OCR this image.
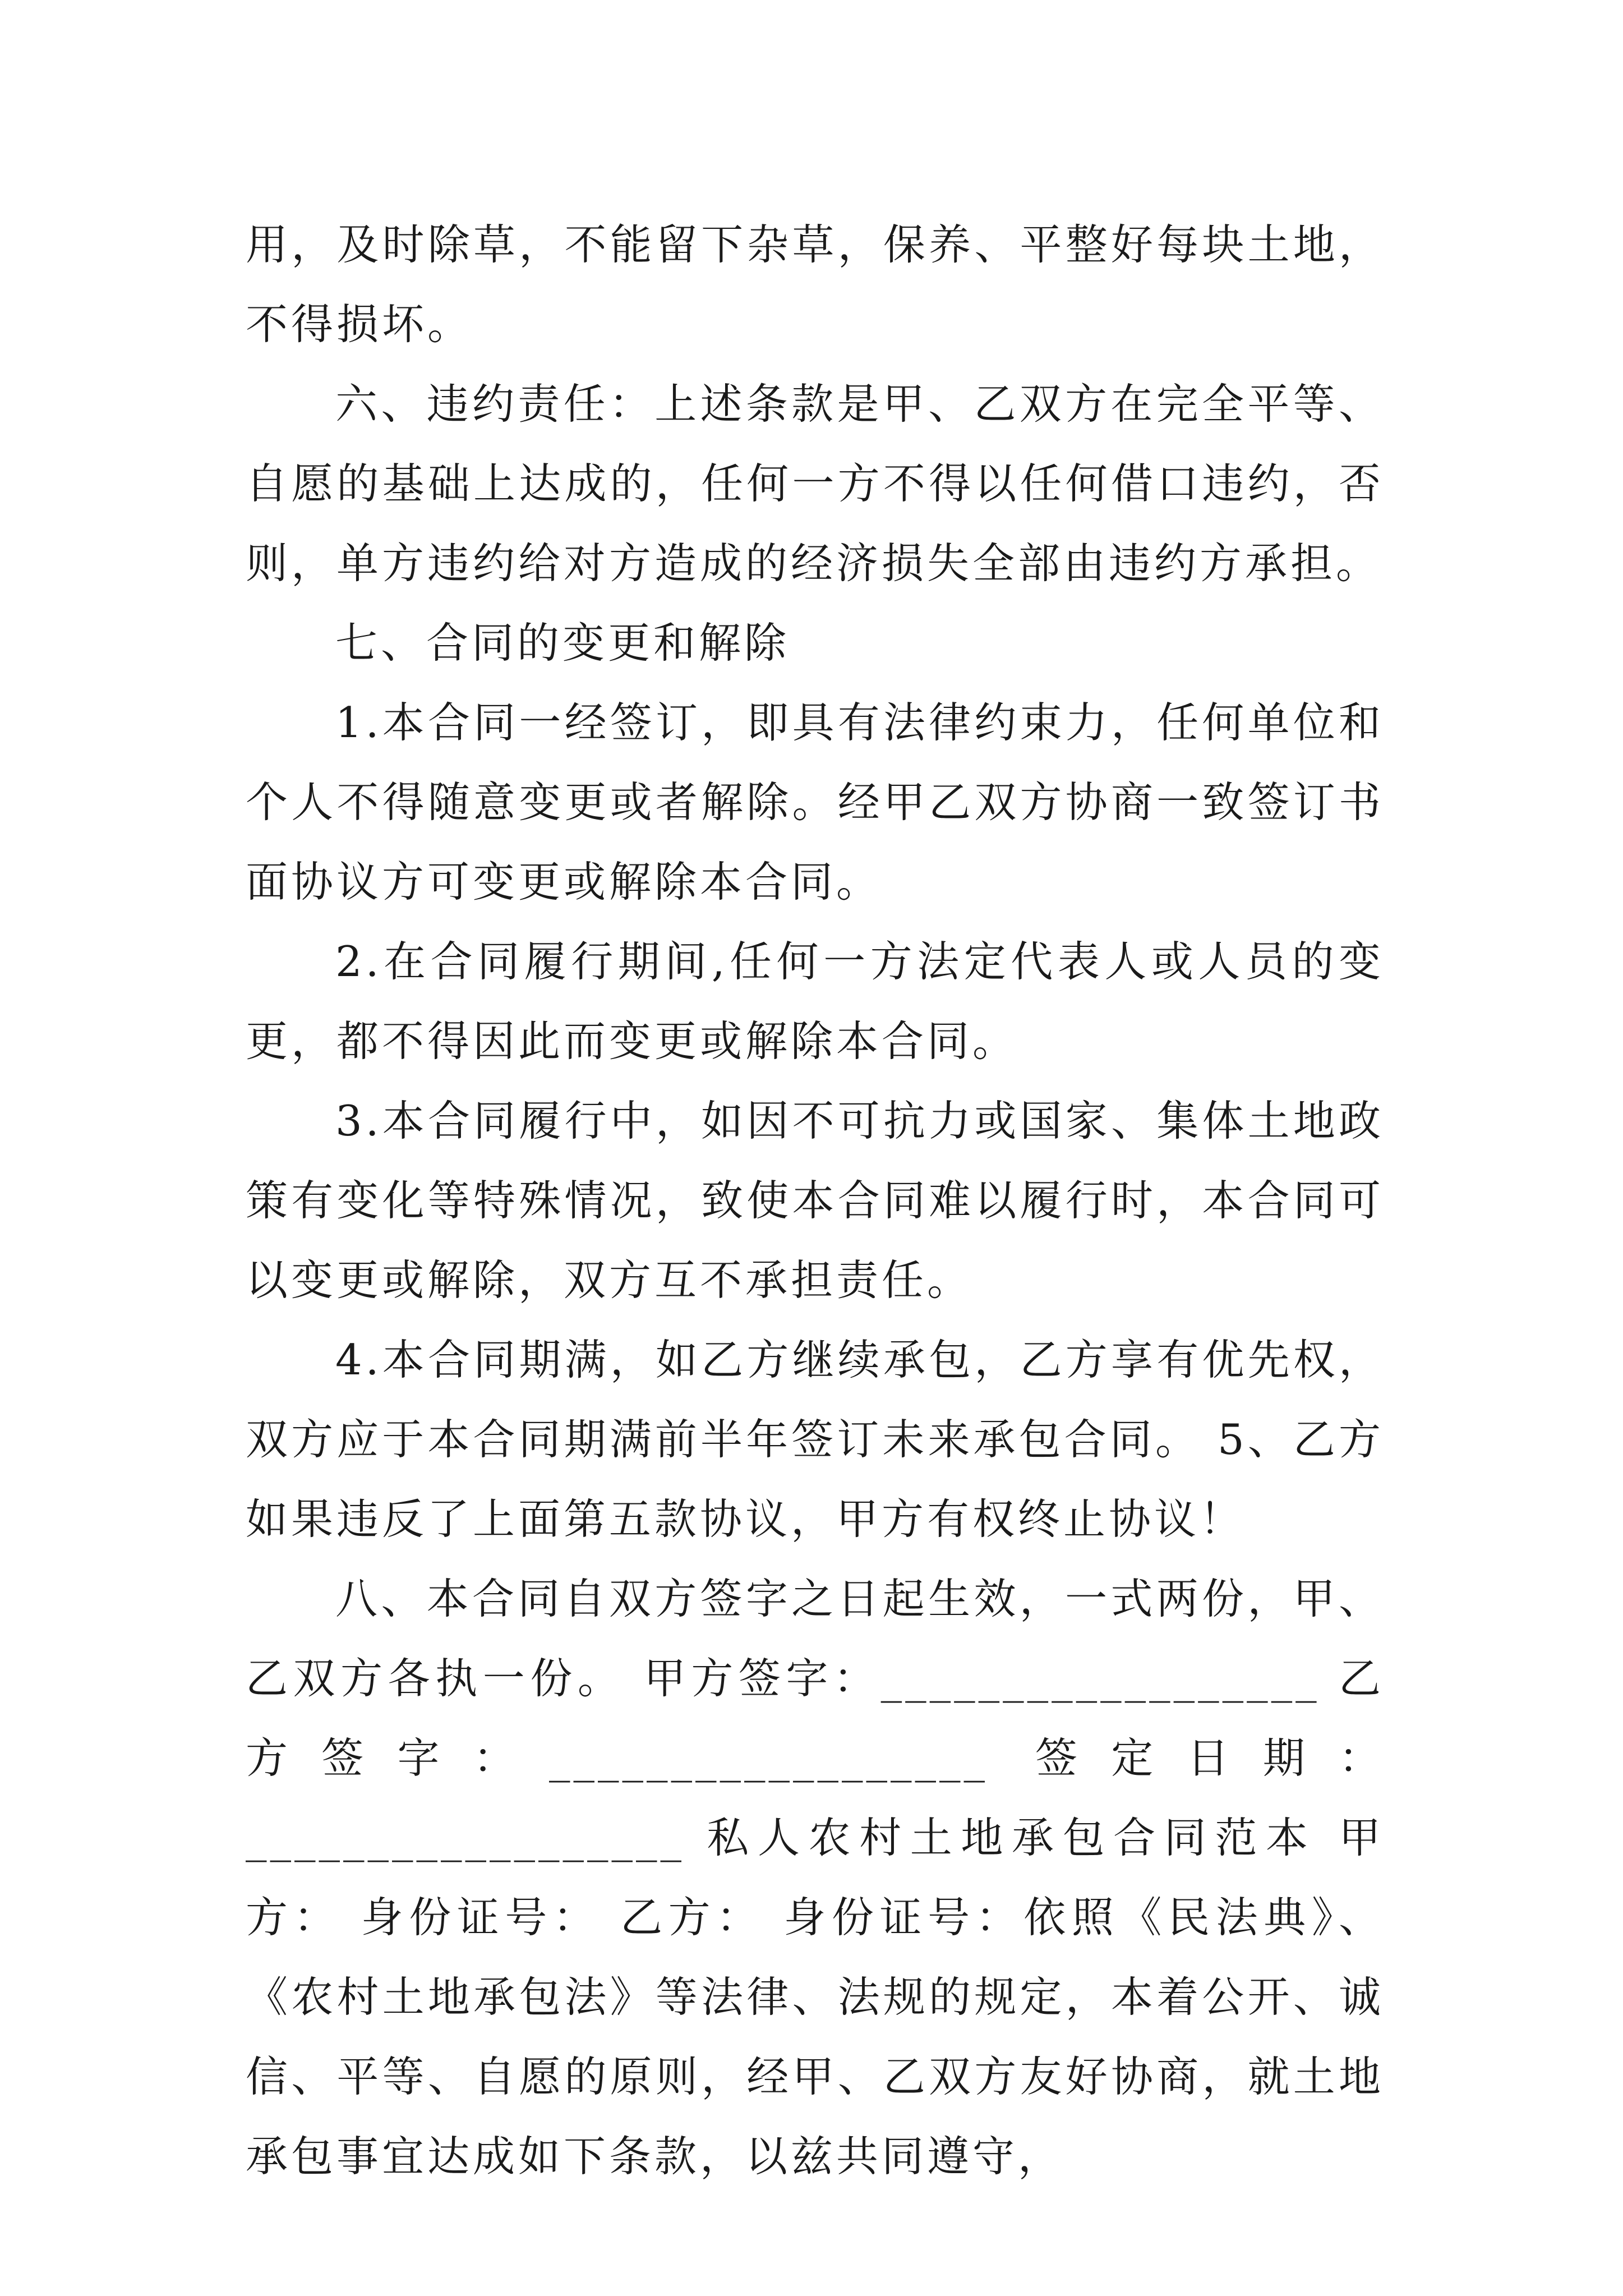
用，及时除草，不能留下杂草，保养、平整好每块土地，不得损坏。

六、违约责任：上述条款是甲、乙双方在完全平等、自愿的基础上达成的，任何一方不得以任何借口违约，否则，单方违约给对方造成的经济损失全部由违约方承担。

七、合同的变更和解除

1.本合同一经签订，即具有法律约束力，任何单位和个人不得随意变更或者解除。经甲乙双方协商一致签订书面协议方可变更或解除本合同。

2.在合同履行期间,任何一方法定代表人或人员的变更，都不得因此而变更或解除本合同。

3.本合同履行中，如因不可抗力或国家、集体土地政策有变化等特殊情况，致使本合同难以履行时，本合同可以变更或解除，双方互不承担责任。

4.本合同期满，如乙方继续承包，乙方享有优先权，双方应于本合同期满前半年签订未来承包合同。 5、乙方如果违反了上面第五款协议，甲方有权终止协议！

八、本合同自双方签字之日起生效，一式两份，甲、乙双方各执一份。 甲方签字：__________________ 乙方签字：__________________ 签定日期：__________________ 私人农村土地承包合同范本 甲方： 身份证号： 乙方： 身份证号：依照《民法典》、《农村土地承包法》等法律、法规的规定，本着公开、诚信、平等、自愿的原则，经甲、乙双方友好协商，就土地承包事宜达成如下条款，以兹共同遵守，
